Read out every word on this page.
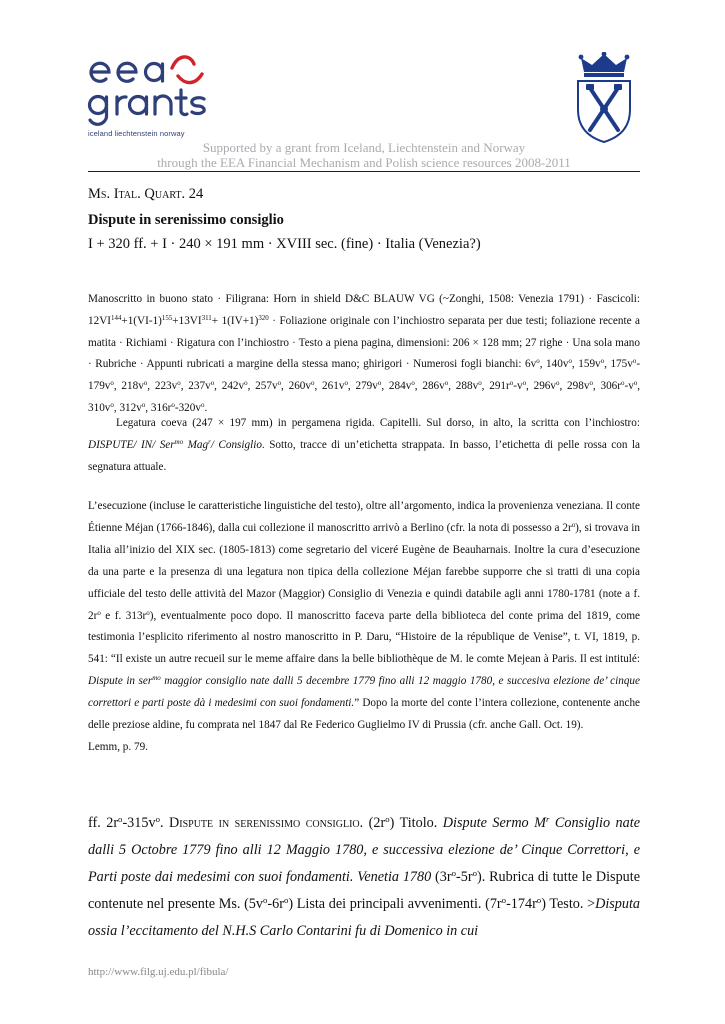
iceland liechtenstein norway
Supported by a grant from Iceland, Liechtenstein and Norway
through the EEA Financial Mechanism and Polish science resources 2008-2011
Ms. Ital. Quart. 24
Dispute in serenissimo consiglio
I + 320 ff. + I · 240 × 191 mm · XVIII sec. (fine) · Italia (Venezia?)
Manoscritto in buono stato · Filigrana: Horn in shield D&C BLAUW VG (~Zonghi, 1508: Venezia 1791) · Fascicoli: $12VI^{144}+1(VI-1)^{155}+13VI^{311}+ 1(IV+1)^{320}$ · Foliazione originale con l’inchiostro separata per due testi; foliazione recente a matita · Richiami · Rigatura con l’inchiostro · Testo a piena pagina, dimensioni: 206 × 128 mm; 27 righe · Una sola mano · Rubriche · Appunti rubricati a margine della stessa mano; ghirigori · Numerosi fogli bianchi: $6v^o$, $140v^o$, $159v^o$, $175v^o-179v^o$, $218v^o$, $223v^o$, $237v^o$, $242v^o$, $257v^o$, $260v^o$, $261v^o$, $279v^o$, $284v^o$, $286v^o$, $288v^o$, $291r^o-v^o$, $296v^o$, $298v^o$, $306r^o-v^o$, $310v^o$, $312v^o$, $316r^o-320v^o$.
Legatura coeva (247 × 197 mm) in pergamena rigida. Capitelli. Sul dorso, in alto, la scritta con l’inchiostro: DISPUTE/ IN/ Ser$^{mo}$ Mag$^r$/ Consiglio. Sotto, tracce di un’etichetta strappata. In basso, l’etichetta di pelle rossa con la segnatura attuale.
L’esecuzione (incluse le caratteristiche linguistiche del testo), oltre all’argomento, indica la provenienza veneziana. Il conte Étienne Méjan (1766-1846), dalla cui collezione il manoscritto arrivò a Berlino (cfr. la nota di possesso a $2r^o$), si trovava in Italia all’inizio del XIX sec. (1805-1813) come segretario del viceré Eugène de Beauharnais. Inoltre la cura d’esecuzione da una parte e la presenza di una legatura non tipica della collezione Méjan farebbe supporre che si tratti di una copia ufficiale del testo delle attività del Mazor (Maggior) Consiglio di Venezia e quindi databile agli anni 1780-1781 (note a f. $2r^o$ e f. $313r^o$), eventualmente poco dopo. Il manoscritto faceva parte della biblioteca del conte prima del 1819, come testimonia l’esplicito riferimento al nostro manoscritto in P. Daru, “Histoire de la république de Venise”, t. VI, 1819, p. 541: “Il existe un autre recueil sur le meme affaire dans la belle bibliothèque de M. le comte Mejean à Paris. Il est intitulé: Dispute in ser$^{mo}$ maggior consiglio nate dalli 5 decembre 1779 fino alli 12 maggio 1780, e succesiva elezione de’ cinque correttori e parti poste dà i medesimi con suoi fondamenti.” Dopo la morte del conte l’intera collezione, contenente anche delle preziose aldine, fu comprata nel 1847 dal Re Federico Guglielmo IV di Prussia (cfr. anche Gall. Oct. 19).
Lemm, p. 79.
ff. $2r^o-315v^o$. Dispute in serenissimo consiglio. $(2r^o)$ Titolo. Dispute Sermo $M^r$ Consiglio nate dalli 5 Octobre 1779 fino alli 12 Maggio 1780, e successiva elezione de’ Cinque Correttori, e Parti poste dai medesimi con suoi fondamenti. Venetia 1780 $(3r^o-5r^o)$. Rubrica di tutte le Dispute contenute nel presente Ms. $(5v^o-6r^o)$ Lista dei principali avvenimenti. $(7r^o-174r^o)$ Testo. >Disputa ossia l’eccitamento del N.H.S Carlo Contarini fu di Domenico in cui
http://www.filg.uj.edu.pl/fibula/
